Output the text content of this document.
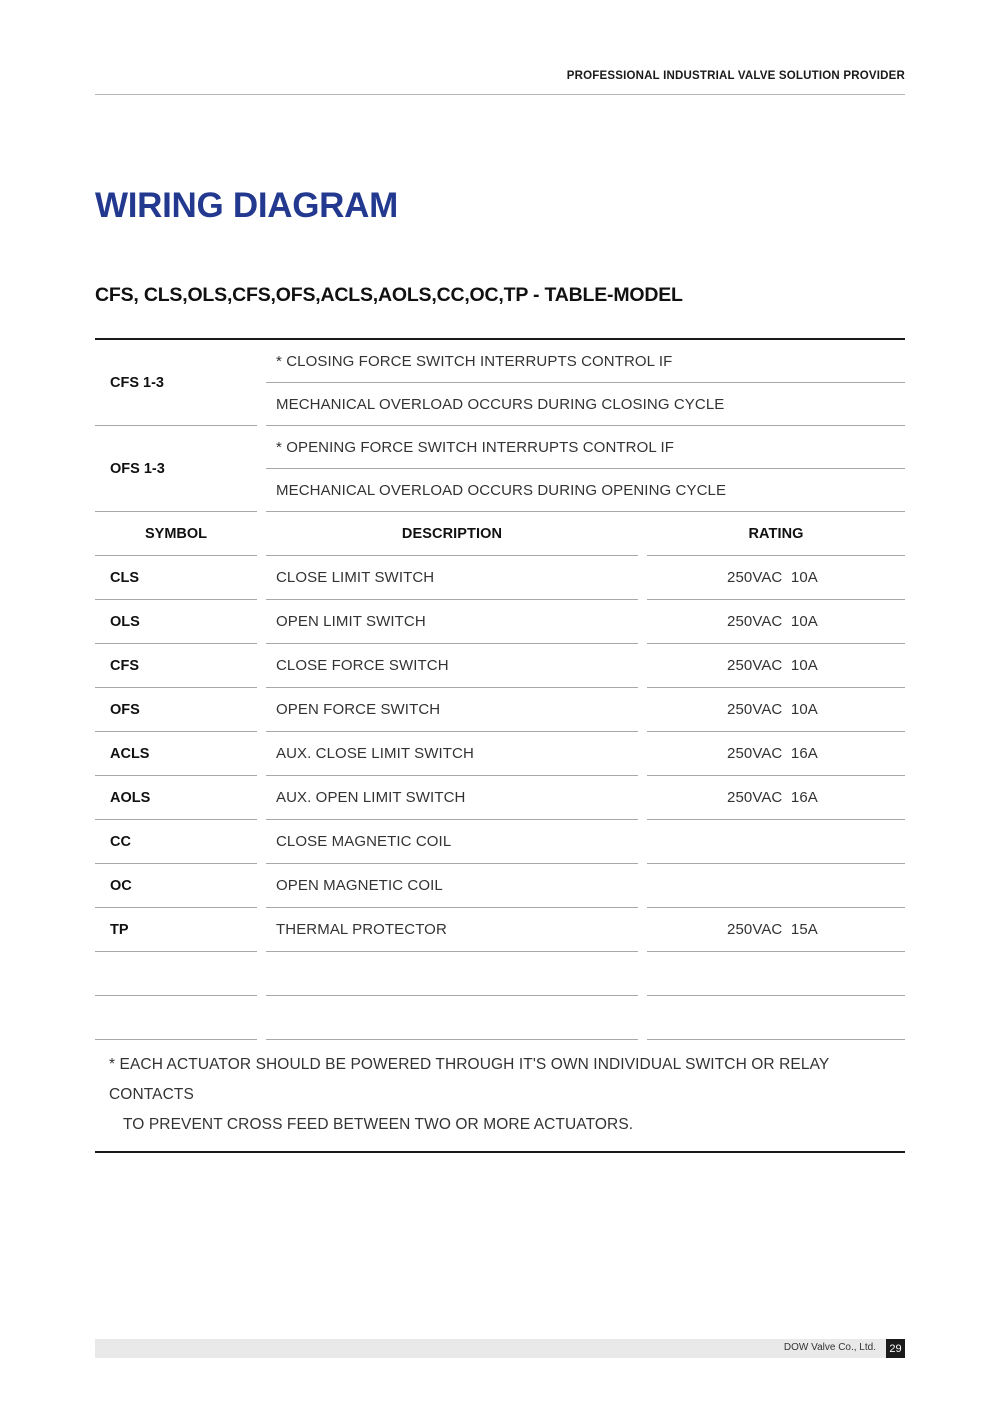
PROFESSIONAL INDUSTRIAL VALVE SOLUTION PROVIDER
WIRING DIAGRAM
CFS, CLS,OLS,CFS,OFS,ACLS,AOLS,CC,OC,TP - TABLE-MODEL
CFS 1-3
* CLOSING FORCE SWITCH INTERRUPTS CONTROL IF
MECHANICAL OVERLOAD OCCURS DURING CLOSING CYCLE
OFS 1-3
* OPENING FORCE SWITCH INTERRUPTS CONTROL IF
MECHANICAL OVERLOAD OCCURS DURING OPENING CYCLE
SYMBOL	DESCRIPTION	RATING
CLS	CLOSE LIMIT SWITCH	250VAC  10A
OLS	OPEN LIMIT SWITCH	250VAC  10A
CFS	CLOSE FORCE SWITCH	250VAC  10A
OFS	OPEN FORCE SWITCH	250VAC  10A
ACLS	AUX. CLOSE LIMIT SWITCH	250VAC  16A
AOLS	AUX. OPEN LIMIT SWITCH	250VAC  16A
CC	CLOSE MAGNETIC COIL
OC	OPEN MAGNETIC COIL
TP	THERMAL PROTECTOR	250VAC  15A
* EACH ACTUATOR SHOULD BE POWERED THROUGH IT'S OWN INDIVIDUAL SWITCH OR RELAY CONTACTS
TO PREVENT CROSS FEED BETWEEN TWO OR MORE ACTUATORS.
DOW Valve Co., Ltd.	29
